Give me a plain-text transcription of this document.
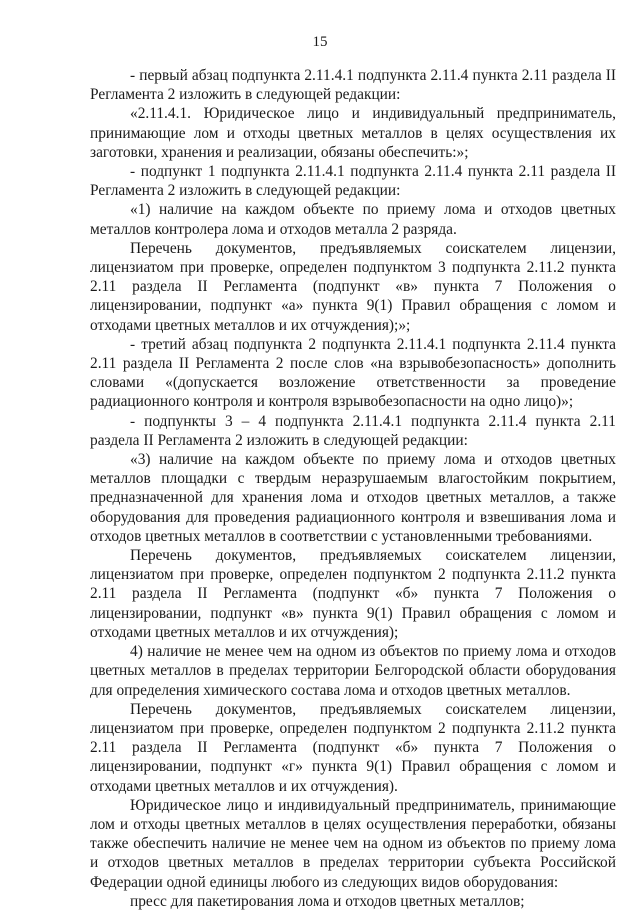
15

- первый абзац подпункта 2.11.4.1 подпункта 2.11.4 пункта 2.11 раздела II Регламента 2 изложить в следующей редакции:

«2.11.4.1. Юридическое лицо и индивидуальный предприниматель, принимающие лом и отходы цветных металлов в целях осуществления их заготовки, хранения и реализации, обязаны обеспечить:»;

- подпункт 1 подпункта 2.11.4.1 подпункта 2.11.4 пункта 2.11 раздела II Регламента 2 изложить в следующей редакции:

«1) наличие на каждом объекте по приему лома и отходов цветных металлов контролера лома и отходов металла 2 разряда.

Перечень документов, предъявляемых соискателем лицензии, лицензиатом при проверке, определен подпунктом 3 подпункта 2.11.2 пункта 2.11 раздела II Регламента (подпункт «в» пункта 7 Положения о лицензировании, подпункт «а» пункта 9(1) Правил обращения с ломом и отходами цветных металлов и их отчуждения);»;

- третий абзац подпункта 2 подпункта 2.11.4.1 подпункта 2.11.4 пункта 2.11 раздела II Регламента 2 после слов «на взрывобезопасность» дополнить словами «(допускается возложение ответственности за проведение радиационного контроля и контроля взрывобезопасности на одно лицо)»;

- подпункты 3 – 4 подпункта 2.11.4.1 подпункта 2.11.4 пункта 2.11 раздела II Регламента 2 изложить в следующей редакции:

«3) наличие на каждом объекте по приему лома и отходов цветных металлов площадки с твердым неразрушаемым влагостойким покрытием, предназначенной для хранения лома и отходов цветных металлов, а также оборудования для проведения радиационного контроля и взвешивания лома и отходов цветных металлов в соответствии с установленными требованиями.

Перечень документов, предъявляемых соискателем лицензии, лицензиатом при проверке, определен подпунктом 2 подпункта 2.11.2 пункта 2.11 раздела II Регламента (подпункт «б» пункта 7 Положения о лицензировании, подпункт «в» пункта 9(1) Правил обращения с ломом и отходами цветных металлов и их отчуждения);

4) наличие не менее чем на одном из объектов по приему лома и отходов цветных металлов в пределах территории Белгородской области оборудования для определения химического состава лома и отходов цветных металлов.

Перечень документов, предъявляемых соискателем лицензии, лицензиатом при проверке, определен подпунктом 2 подпункта 2.11.2 пункта 2.11 раздела II Регламента (подпункт «б» пункта 7 Положения о лицензировании, подпункт «г» пункта 9(1) Правил обращения с ломом и отходами цветных металлов и их отчуждения).

Юридическое лицо и индивидуальный предприниматель, принимающие лом и отходы цветных металлов в целях осуществления переработки, обязаны также обеспечить наличие не менее чем на одном из объектов по приему лома и отходов цветных металлов в пределах территории субъекта Российской Федерации одной единицы любого из следующих видов оборудования:

пресс для пакетирования лома и отходов цветных металлов;
